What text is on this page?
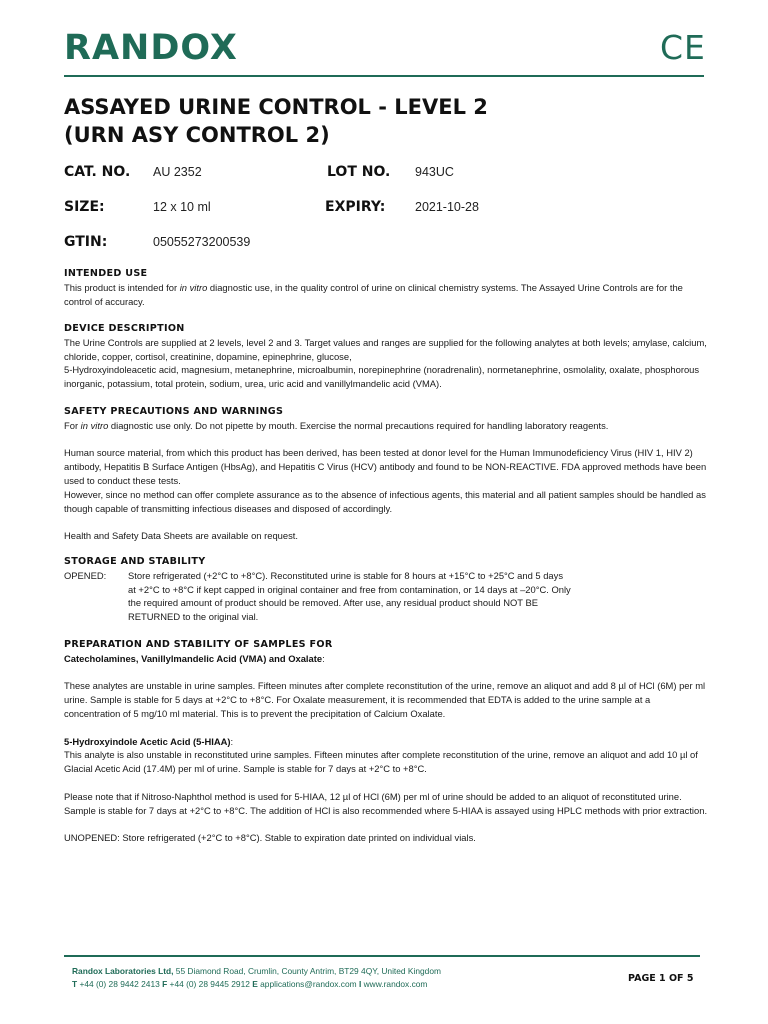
RANDOX	CE
ASSAYED URINE CONTROL - LEVEL 2
(URN ASY CONTROL 2)
CAT. NO. AU 2352	LOT NO. 943UC
SIZE:	12 x 10 ml	EXPIRY: 2021-10-28
GTIN:	05055273200539
INTENDED USE
This product is intended for in vitro diagnostic use, in the quality control of urine on clinical chemistry systems. The Assayed Urine Controls are for the control of accuracy.
DEVICE DESCRIPTION
The Urine Controls are supplied at 2 levels, level 2 and 3. Target values and ranges are supplied for the following analytes at both levels; amylase, calcium, chloride, copper, cortisol, creatinine, dopamine, epinephrine, glucose,
5-Hydroxyindoleacetic acid, magnesium, metanephrine, microalbumin, norepinephrine (noradrenalin), normetanephrine, osmolality, oxalate, phosphorous inorganic, potassium, total protein, sodium, urea, uric acid and vanillylmandelic acid (VMA).
SAFETY PRECAUTIONS AND WARNINGS
For in vitro diagnostic use only. Do not pipette by mouth. Exercise the normal precautions required for handling laboratory reagents.
Human source material, from which this product has been derived, has been tested at donor level for the Human Immunodeficiency Virus (HIV 1, HIV 2) antibody, Hepatitis B Surface Antigen (HbsAg), and Hepatitis C Virus (HCV) antibody and found to be NON-REACTIVE. FDA approved methods have been used to conduct these tests.
However, since no method can offer complete assurance as to the absence of infectious agents, this material and all patient samples should be handled as though capable of transmitting infectious diseases and disposed of accordingly.
Health and Safety Data Sheets are available on request.
STORAGE AND STABILITY
OPENED:	Store refrigerated (+2°C to +8°C). Reconstituted urine is stable for 8 hours at +15°C to +25°C and 5 days
at +2°C to +8°C if kept capped in original container and free from contamination, or 14 days at –20°C. Only
the required amount of product should be removed. After use, any residual product should NOT BE
RETURNED to the original vial.
PREPARATION AND STABILITY OF SAMPLES FOR
Catecholamines, Vanillylmandelic Acid (VMA) and Oxalate:
These analytes are unstable in urine samples. Fifteen minutes after complete reconstitution of the urine, remove an aliquot and add 8 µl of HCl (6M) per ml urine. Sample is stable for 5 days at +2°C to +8°C. For Oxalate measurement, it is recommended that EDTA is added to the urine sample at a concentration of 5 mg/10 ml material. This is to prevent the precipitation of Calcium Oxalate.
5-Hydroxyindole Acetic Acid (5-HIAA):
This analyte is also unstable in reconstituted urine samples. Fifteen minutes after complete reconstitution of the urine, remove an aliquot and add 10 µl of Glacial Acetic Acid (17.4M) per ml of urine. Sample is stable for 7 days at +2°C to +8°C.
Please note that if Nitroso-Naphthol method is used for 5-HIAA, 12 µl of HCl (6M) per ml of urine should be added to an aliquot of reconstituted urine. Sample is stable for 7 days at +2°C to +8°C. The addition of HCl is also recommended where 5-HIAA is assayed using HPLC methods with prior extraction.
UNOPENED: Store refrigerated (+2°C to +8°C). Stable to expiration date printed on individual vials.
Randox Laboratories Ltd, 55 Diamond Road, Crumlin, County Antrim, BT29 4QY, United Kingdom
T +44 (0) 28 9442 2413 F +44 (0) 28 9445 2912 E applications@randox.com I www.randox.com	PAGE 1 OF 5
